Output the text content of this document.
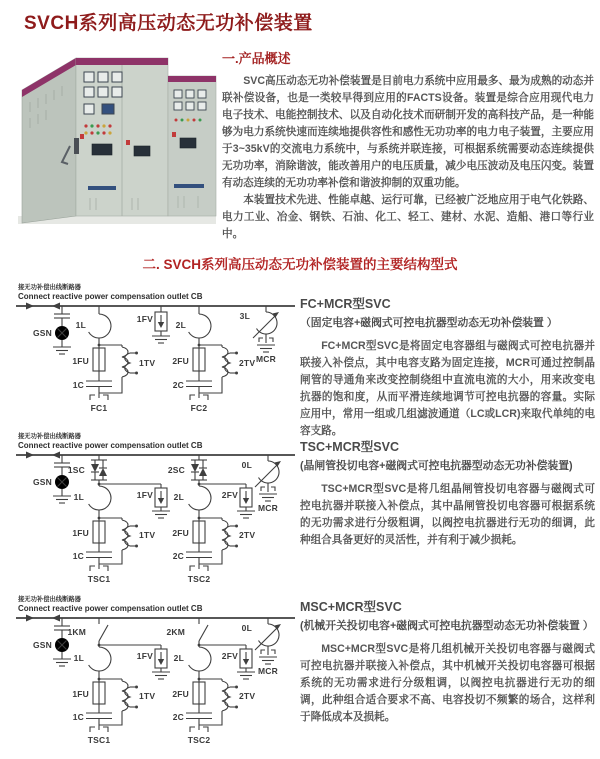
SVCH系列高压动态无功补偿装置
一.产品概述

SVC高压动态无功补偿装置是目前电力系统中应用最多、最为成熟的动态并联补偿设备，也是一类较早得到应用的FACTS设备。装置是综合应用现代电力电子技术、电能控制技术、以及自动化技术而研制开发的高科技产品，是一种能够为电力系统快速而连续地提供容性和感性无功功率的电力电子装置，主要应用于3~35kV的交流电力系统中，与系统并联连接，可根据系统需要动态连续提供无功功率，消除谐波，能改善用户的电压质量，减少电压波动及电压闪变。装置有动态连续的无功功率补偿和谐波抑制的双重功能。

本装置技术先进、性能卓越、运行可靠，已经被广泛地应用于电气化铁路、电力工业、冶金、钢铁、石油、化工、轻工、建材、水泥、造船、港口等行业中。

二. SVCH系列高压动态无功补偿装置的主要结构型式
接无功补偿出线断路器
Connect reactive power compensation outlet CB
GSN
1L
1FU
1C
1TV
FC1
1FV
2L
2FU
2C
2TV
FC2
3L
MCR
接无功补偿出线断路器
Connect reactive power compensation outlet CB
GSN
1SC
1L
1FU
1C
1TV
TSC1
1FV
2SC
2L
2FU
2C
2TV
TSC2
2FV
0L
MCR
接无功补偿出线断路器
Connect reactive power compensation outlet CB
GSN
1KM
1L
1FU
1C
1TV
TSC1
1FV
2KM
2L
2FU
2C
2TV
TSC2
2FV
0L
MCR
FC+MCR型SVC
（固定电容+磁阀式可控电抗器型动态无功补偿装置 ）

FC+MCR型SVC是将固定电容器组与磁阀式可控电抗器并联接入补偿点，其中电容支路为固定连接，MCR可通过控制晶闸管的导通角来改变控制绕组中直流电流的大小，用来改变电抗器的饱和度，从而平滑连续地调节可控电抗器的容量。实际应用中，常用一组或几组滤波通道（LC或LCR)来取代单纯的电容支路。

TSC+MCR型SVC
(晶闸管投切电容+磁阀式可控电抗器型动态无功补偿装置)

TSC+MCR型SVC是将几组晶闸管投切电容器与磁阀式可控电抗器并联接入补偿点，其中晶闸管投切电容器可根据系统的无功需求进行分级粗调，以阀控电抗器进行无功的细调，此种组合具备更好的灵活性，并有利于减少损耗。

MSC+MCR型SVC
(机械开关投切电容+磁阀式可控电抗器型动态无功补偿装置 ）

MSC+MCR型SVC是将几组机械开关投切电容器与磁阀式可控电抗器并联接入补偿点，其中机械开关投切电容器可根据系统的无功需求进行分级粗调，以阀控电抗器进行无功的细调，此种组合适合要求不高、电容投切不频繁的场合，这样利于降低成本及损耗。
